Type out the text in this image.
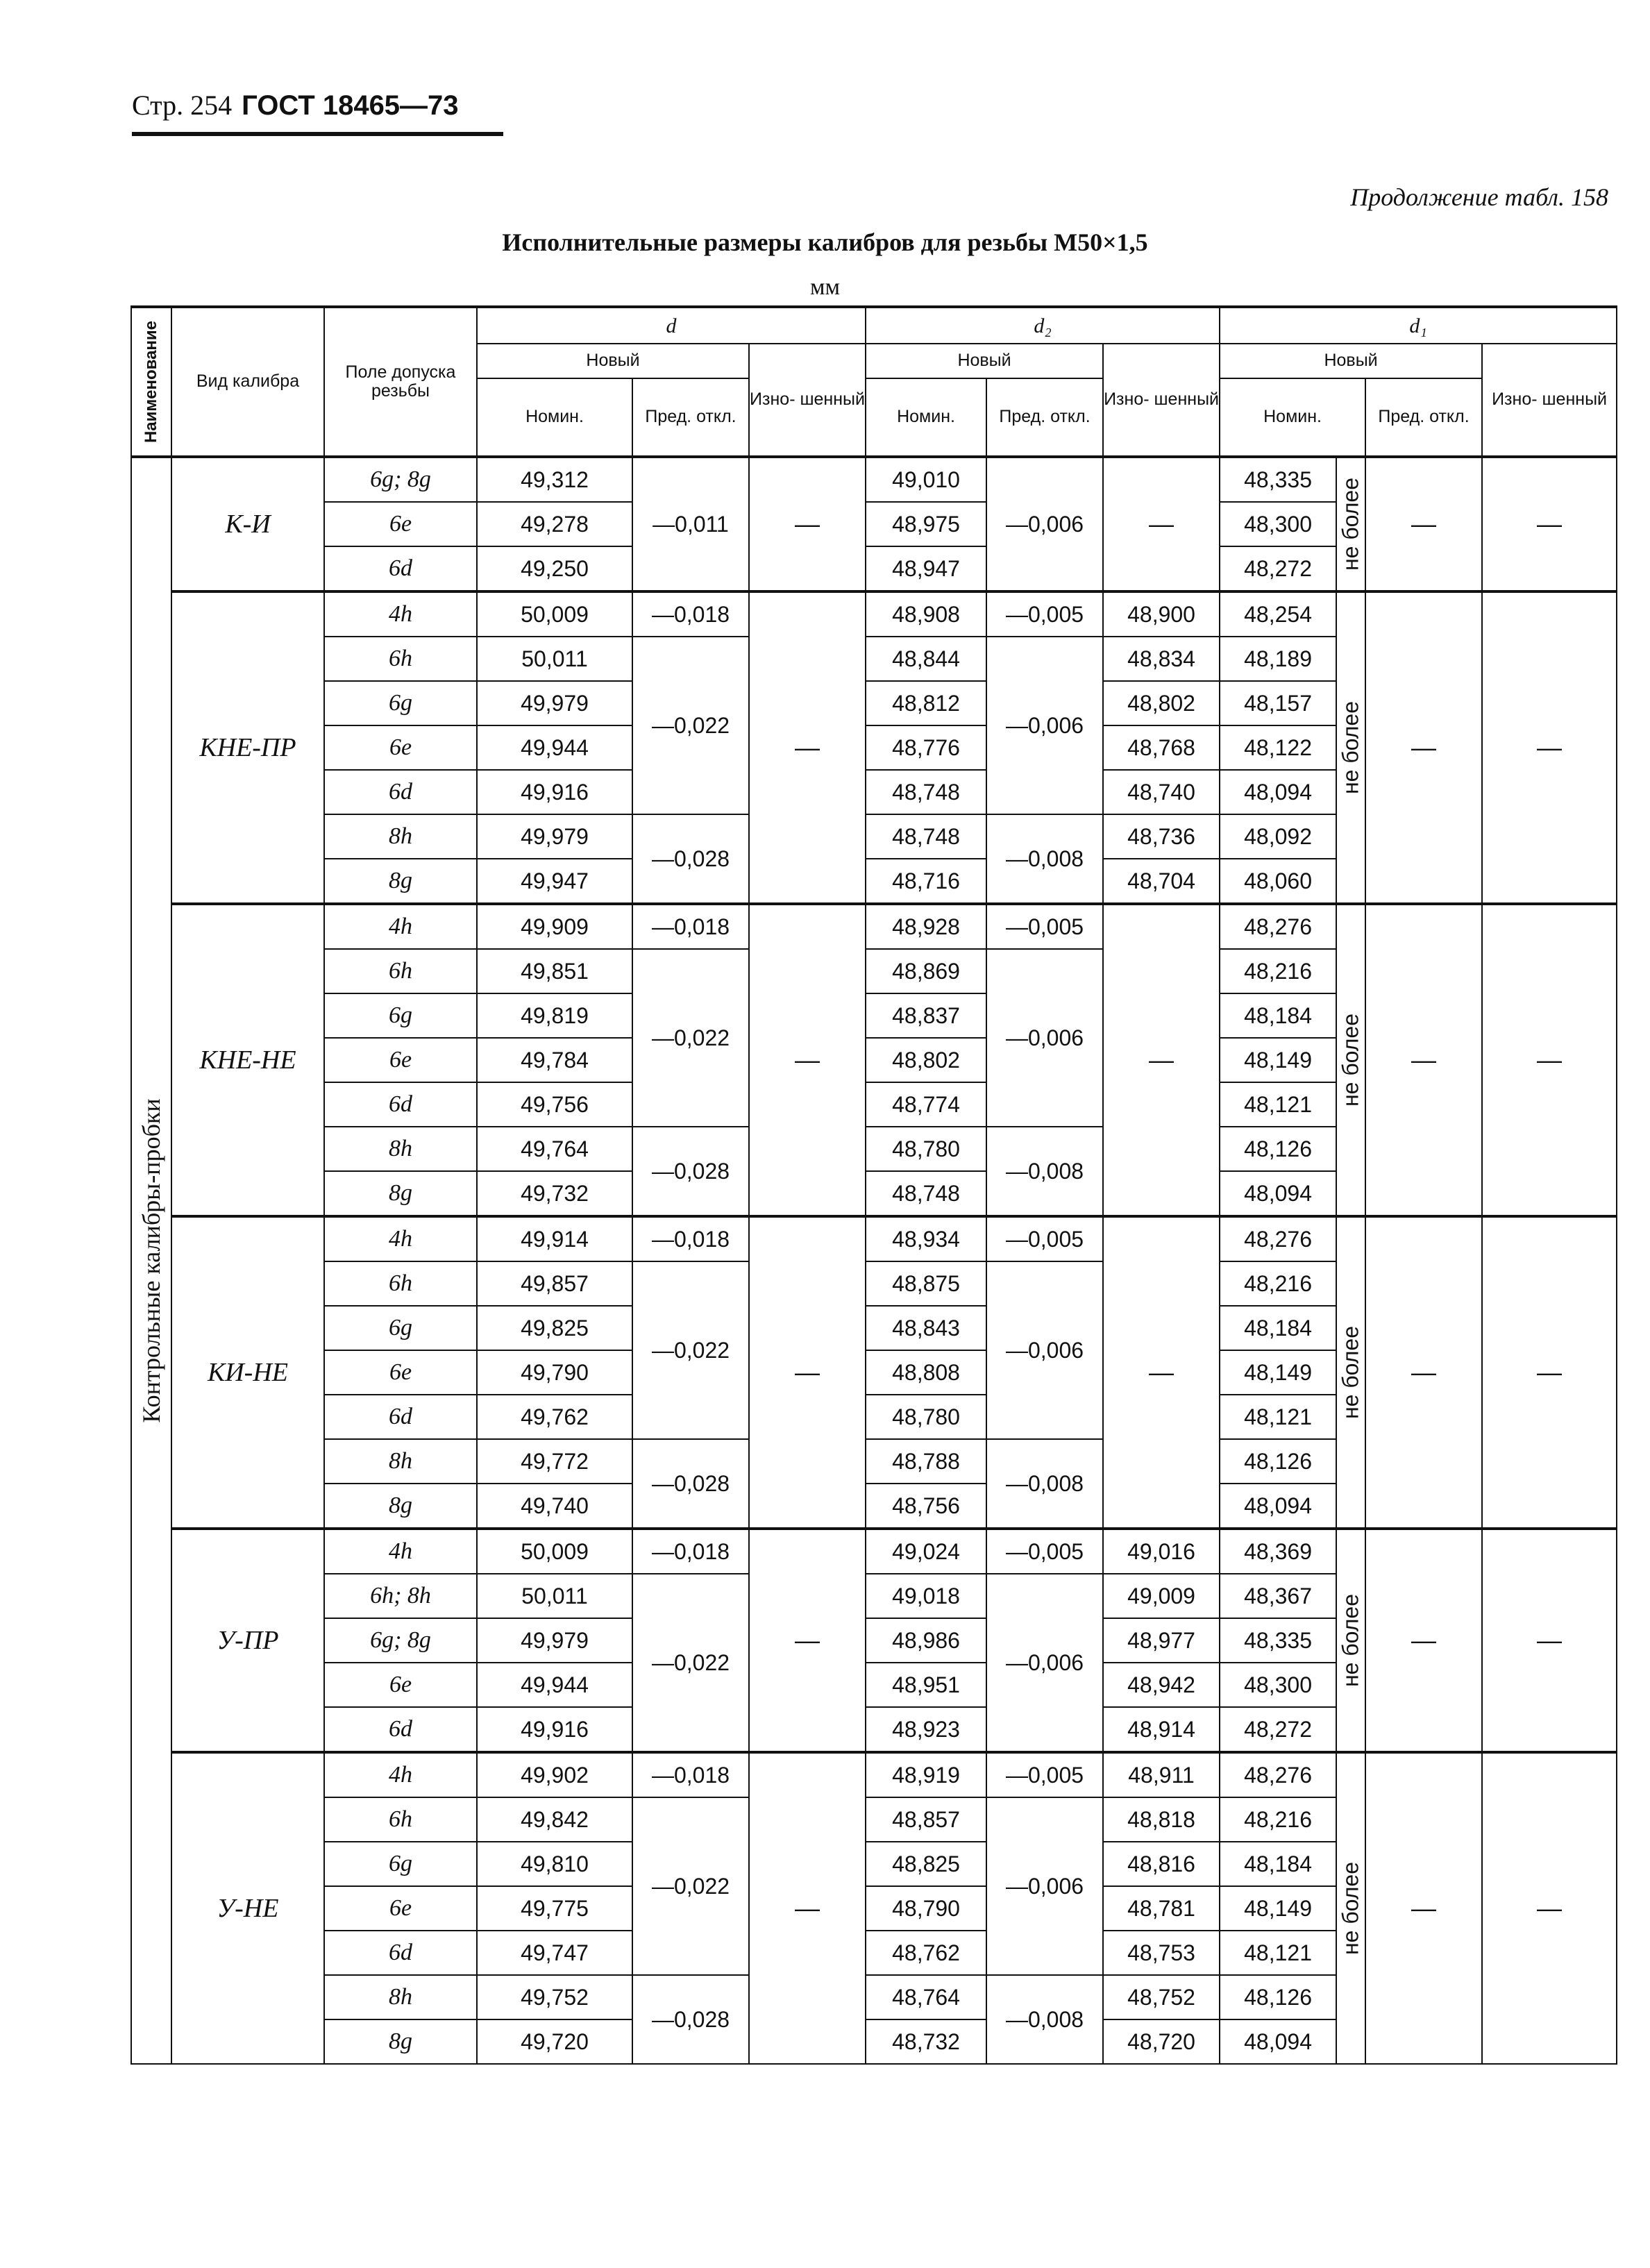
Стр. 254 ГОСТ 18465—73
Продолжение табл. 158
Исполнительные размеры калибров для резьбы М50×1,5
мм
Наименование	Вид калибра	Поле допуска резьбы	d			d₂			d₁			
			Новый		Изно- шенный	Новый		Изно- шенный	Новый			Изно- шенный
			Номин.	Пред. откл.		Номин.	Пред. откл.		Номин.		Пред. откл.	

Контрольные калибры-пробки	К-И	6g; 8g	49,312	—0,011	—	49,010	—0,006	—	48,335	не более	—	—
		6e	49,278			48,975			48,300			
		6d	49,250			48,947			48,272			
	КНЕ-ПР	4h	50,009	—0,018	—	48,908	—0,005	48,900	48,254	не более	—	—
		6h	50,011	—0,022		48,844	—0,006	48,834	48,189			
		6g	49,979			48,812		48,802	48,157			
		6e	49,944			48,776		48,768	48,122			
		6d	49,916			48,748		48,740	48,094			
		8h	49,979	—0,028		48,748	—0,008	48,736	48,092			
		8g	49,947			48,716		48,704	48,060			
	КНЕ-НЕ	4h	49,909	—0,018	—	48,928	—0,005	—	48,276	не более	—	—
		6h	49,851	—0,022		48,869	—0,006		48,216			
		6g	49,819			48,837			48,184			
		6e	49,784			48,802			48,149			
		6d	49,756			48,774			48,121			
		8h	49,764	—0,028		48,780	—0,008		48,126			
		8g	49,732			48,748			48,094			
	КИ-НЕ	4h	49,914	—0,018	—	48,934	—0,005	—	48,276	не более	—	—
		6h	49,857	—0,022		48,875	—0,006		48,216			
		6g	49,825			48,843			48,184			
		6e	49,790			48,808			48,149			
		6d	49,762			48,780			48,121			
		8h	49,772	—0,028		48,788	—0,008		48,126			
		8g	49,740			48,756			48,094			
	У-ПР	4h	50,009	—0,018	—	49,024	—0,005	49,016	48,369	не более	—	—
		6h; 8h	50,011	—0,022		49,018	—0,006	49,009	48,367			
		6g; 8g	49,979			48,986		48,977	48,335			
		6e	49,944			48,951		48,942	48,300			
		6d	49,916			48,923		48,914	48,272			
	У-НЕ	4h	49,902	—0,018	—	48,919	—0,005	48,911	48,276	не более	—	—
		6h	49,842	—0,022		48,857	—0,006	48,818	48,216			
		6g	49,810			48,825		48,816	48,184			
		6e	49,775			48,790		48,781	48,149			
		6d	49,747			48,762		48,753	48,121			
		8h	49,752	—0,028		48,764	—0,008	48,752	48,126			
		8g	49,720			48,732		48,720	48,094			
